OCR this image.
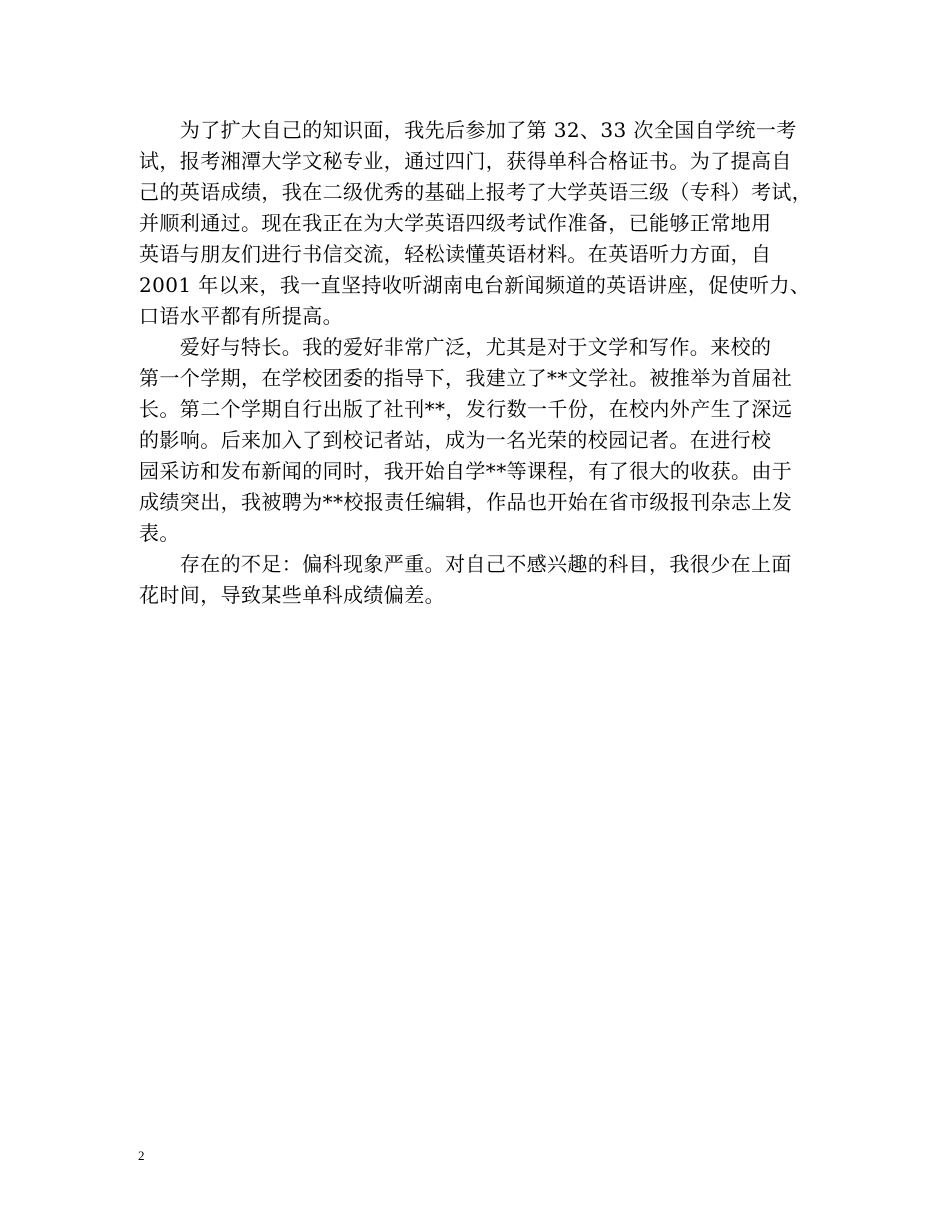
　　为了扩大自己的知识面，我先后参加了第 32、33 次全国自学统一考
试，报考湘潭大学文秘专业，通过四门，获得单科合格证书。为了提高自
己的英语成绩，我在二级优秀的基础上报考了大学英语三级（专科）考试，
并顺利通过。现在我正在为大学英语四级考试作准备，已能够正常地用
英语与朋友们进行书信交流，轻松读懂英语材料。在英语听力方面，自
2001 年以来，我一直坚持收听湖南电台新闻频道的英语讲座，促使听力、
口语水平都有所提高。
　　爱好与特长。我的爱好非常广泛，尤其是对于文学和写作。来校的
第一个学期，在学校团委的指导下，我建立了**文学社。被推举为首届社
长。第二个学期自行出版了社刊**，发行数一千份，在校内外产生了深远
的影响。后来加入了到校记者站，成为一名光荣的校园记者。在进行校
园采访和发布新闻的同时，我开始自学**等课程，有了很大的收获。由于
成绩突出，我被聘为**校报责任编辑，作品也开始在省市级报刊杂志上发
表。
　　存在的不足：偏科现象严重。对自己不感兴趣的科目，我很少在上面
花时间，导致某些单科成绩偏差。
2
